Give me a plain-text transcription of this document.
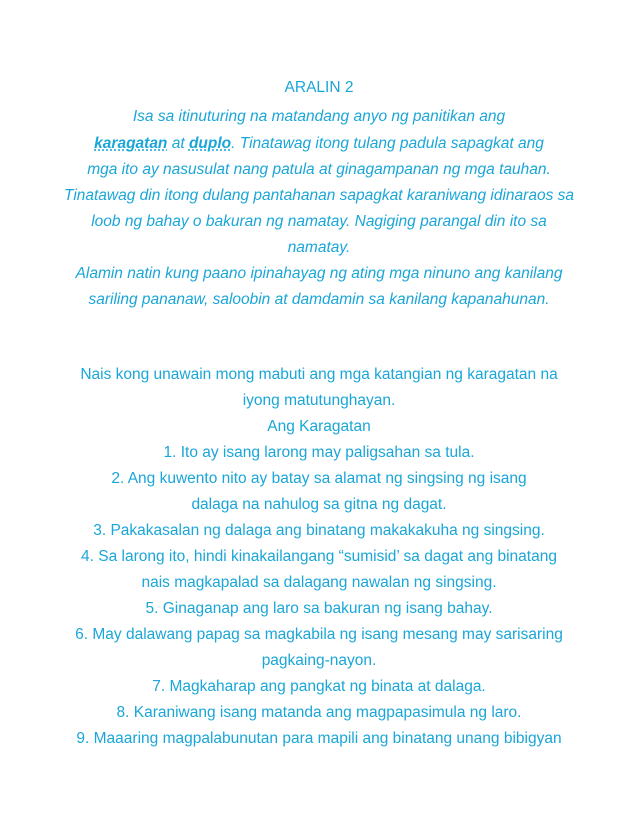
ARALIN 2
Isa sa itinuturing na matandang anyo ng panitikan ang
karagatan at duplo. Tinatawag itong tulang padula sapagkat ang
mga ito ay nasusulat nang patula at ginagampanan ng mga tauhan.
Tinatawag din itong dulang pantahanan sapagkat karaniwang idinaraos sa
loob ng bahay o bakuran ng namatay. Nagiging parangal din ito sa
namatay.
Alamin natin kung paano ipinahayag ng ating mga ninuno ang kanilang
sariling pananaw, saloobin at damdamin sa kanilang kapanahunan.
Nais kong unawain mong mabuti ang mga katangian ng karagatan na
iyong matutunghayan.
Ang Karagatan
1. Ito ay isang larong may paligsahan sa tula.
2. Ang kuwento nito ay batay sa alamat ng singsing ng isang
dalaga na nahulog sa gitna ng dagat.
3. Pakakasalan ng dalaga ang binatang makakakuha ng singsing.
4. Sa larong ito, hindi kinakailangang “sumisid’ sa dagat ang binatang
nais magkapalad sa dalagang nawalan ng singsing.
5. Ginaganap ang laro sa bakuran ng isang bahay.
6. May dalawang papag sa magkabila ng isang mesang may sarisaring
pagkaing-nayon.
7. Magkaharap ang pangkat ng binata at dalaga.
8. Karaniwang isang matanda ang magpapasimula ng laro.
9. Maaaring magpalabunutan para mapili ang binatang unang bibigyan
